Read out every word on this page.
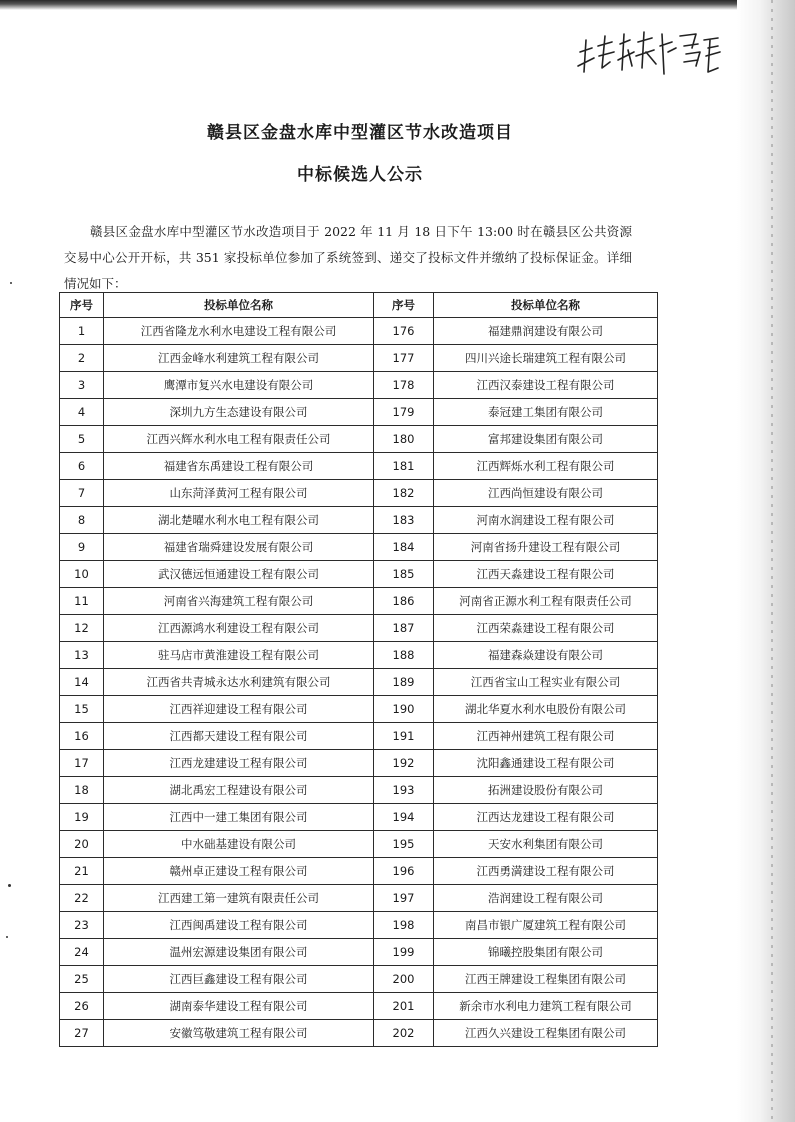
赣县区金盘水库中型灌区节水改造项目
中标候选人公示

赣县区金盘水库中型灌区节水改造项目于 2022 年 11 月 18 日下午 13:00 时在赣县区公共资源交易中心公开开标，共 351 家投标单位参加了系统签到、递交了投标文件并缴纳了投标保证金。详细情况如下：

序号	投标单位名称	序号	投标单位名称
1	江西省隆龙水利水电建设工程有限公司	176	福建鼎润建设有限公司
2	江西金峰水利建筑工程有限公司	177	四川兴途长瑞建筑工程有限公司
3	鹰潭市复兴水电建设有限公司	178	江西汉泰建设工程有限公司
4	深圳九方生态建设有限公司	179	泰冠建工集团有限公司
5	江西兴辉水利水电工程有限责任公司	180	富邦建设集团有限公司
6	福建省东禹建设工程有限公司	181	江西辉烁水利工程有限公司
7	山东菏泽黄河工程有限公司	182	江西尚恒建设有限公司
8	湖北楚曜水利水电工程有限公司	183	河南水润建设工程有限公司
9	福建省瑞舜建设发展有限公司	184	河南省扬升建设工程有限公司
10	武汉德远恒通建设工程有限公司	185	江西天淼建设工程有限公司
11	河南省兴海建筑工程有限公司	186	河南省正源水利工程有限责任公司
12	江西源鸿水利建设工程有限公司	187	江西荣淼建设工程有限公司
13	驻马店市黄淮建设工程有限公司	188	福建森焱建设有限公司
14	江西省共青城永达水利建筑有限公司	189	江西省宝山工程实业有限公司
15	江西祥迎建设工程有限公司	190	湖北华夏水利水电股份有限公司
16	江西都天建设工程有限公司	191	江西神州建筑工程有限公司
17	江西龙建建设工程有限公司	192	沈阳鑫通建设工程有限公司
18	湖北禹宏工程建设有限公司	193	拓洲建设股份有限公司
19	江西中一建工集团有限公司	194	江西达龙建设工程有限公司
20	中水础基建设有限公司	195	天安水利集团有限公司
21	赣州卓正建设工程有限公司	196	江西勇満建设工程有限公司
22	江西建工第一建筑有限责任公司	197	浩润建设工程有限公司
23	江西闽禹建设工程有限公司	198	南昌市银广厦建筑工程有限公司
24	温州宏源建设集团有限公司	199	锦曦控股集团有限公司
25	江西巨鑫建设工程有限公司	200	江西王牌建设工程集团有限公司
26	湖南泰华建设工程有限公司	201	新余市水利电力建筑工程有限公司
27	安徽笃敬建筑工程有限公司	202	江西久兴建设工程集团有限公司
